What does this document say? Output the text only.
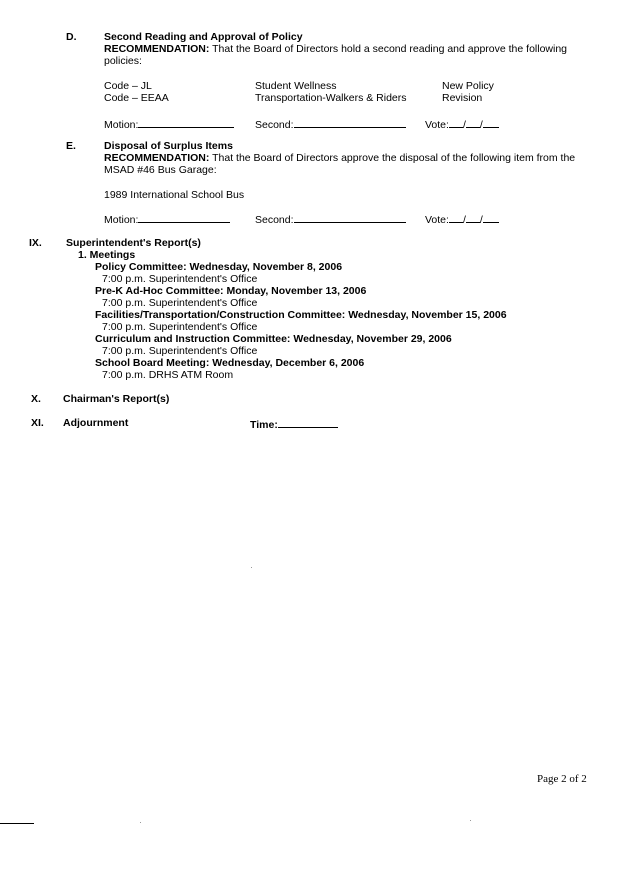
D.	Second Reading and Approval of Policy
RECOMMENDATION: That the Board of Directors hold a second reading and approve the following
policies:
Code – JL	Student Wellness	New Policy
Code – EEAA	Transportation-Walkers & Riders	Revision
Motion:	Second:	Vote: / /
E.	Disposal of Surplus Items
RECOMMENDATION: That the Board of Directors approve the disposal of the following item from the
MSAD #46 Bus Garage:
1989 International School Bus
Motion:	Second:	Vote: / /
IX. Superintendent's Report(s)
1. Meetings
Policy Committee: Wednesday, November 8, 2006
7:00 p.m. Superintendent's Office
Pre-K Ad-Hoc Committee: Monday, November 13, 2006
7:00 p.m. Superintendent's Office
Facilities/Transportation/Construction Committee: Wednesday, November 15, 2006
7:00 p.m. Superintendent's Office
Curriculum and Instruction Committee: Wednesday, November 29, 2006
7:00 p.m. Superintendent's Office
School Board Meeting: Wednesday, December 6, 2006
7:00 p.m. DRHS ATM Room
X. Chairman's Report(s)
XI. Adjournment	Time:
Page 2 of 2
